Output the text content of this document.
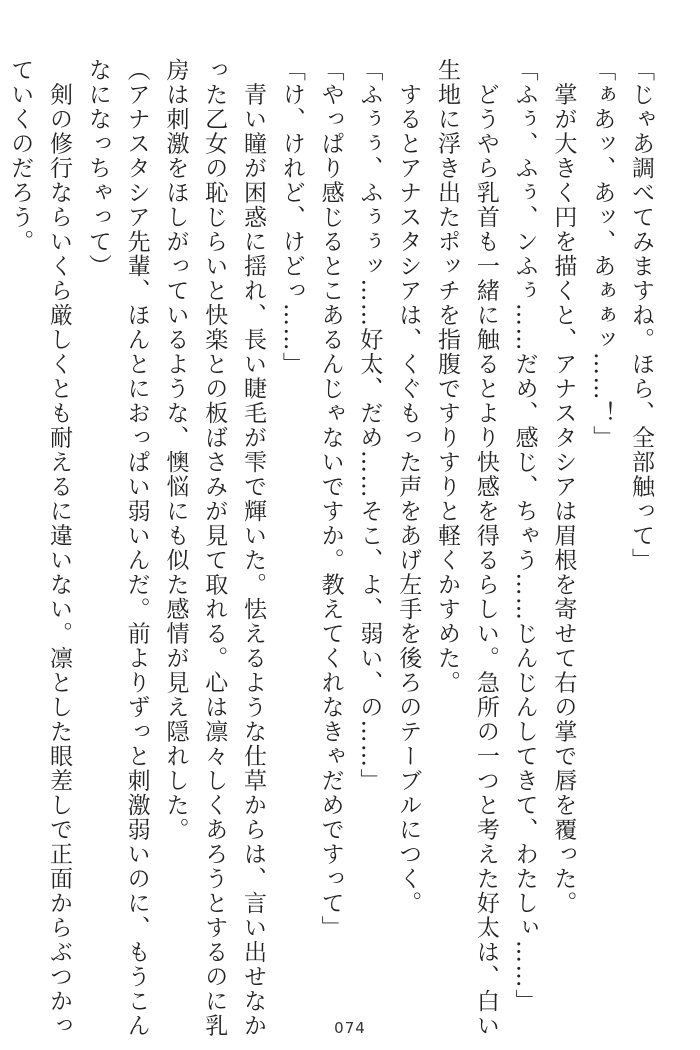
「じゃあ調べてみますね。ほら、全部触って」
「ぁあッ、あッ、あぁぁッ……！」
　掌が大きく円を描くと、アナスタシアは眉根を寄せて右の掌で唇を覆った。
「ふぅ、ふぅ、ンふぅ……だめ、感じ、ちゃう……じんじんしてきて、わたしぃ……」
　どうやら乳首も一緒に触るとより快感を得るらしい。急所の一つと考えた好太は、白い
生地に浮き出たポッチを指腹ですりすりと軽くかすめた。
　するとアナスタシアは、くぐもった声をあげ左手を後ろのテーブルにつく。
「ふぅぅ、ふぅぅッ……好太、だめ……そこ、よ、弱い、の……」
「やっぱり感じるとこあるんじゃないですか。教えてくれなきゃだめですって」
「け、けれど、けどっ……」
　青い瞳が困惑に揺れ、長い睫毛が雫で輝いた。怯えるような仕草からは、言い出せなか
った乙女の恥じらいと快楽との板ばさみが見て取れる。心は凛々しくあろうとするのに乳
房は刺激をほしがっているような、懊悩にも似た感情が見え隠れした。
（アナスタシア先輩、ほんとにおっぱい弱いんだ。前よりずっと刺激弱いのに、もうこん
なになっちゃって）
　剣の修行ならいくら厳しくとも耐えるに違いない。凛とした眼差しで正面からぶつかっ
ていくのだろう。
074
